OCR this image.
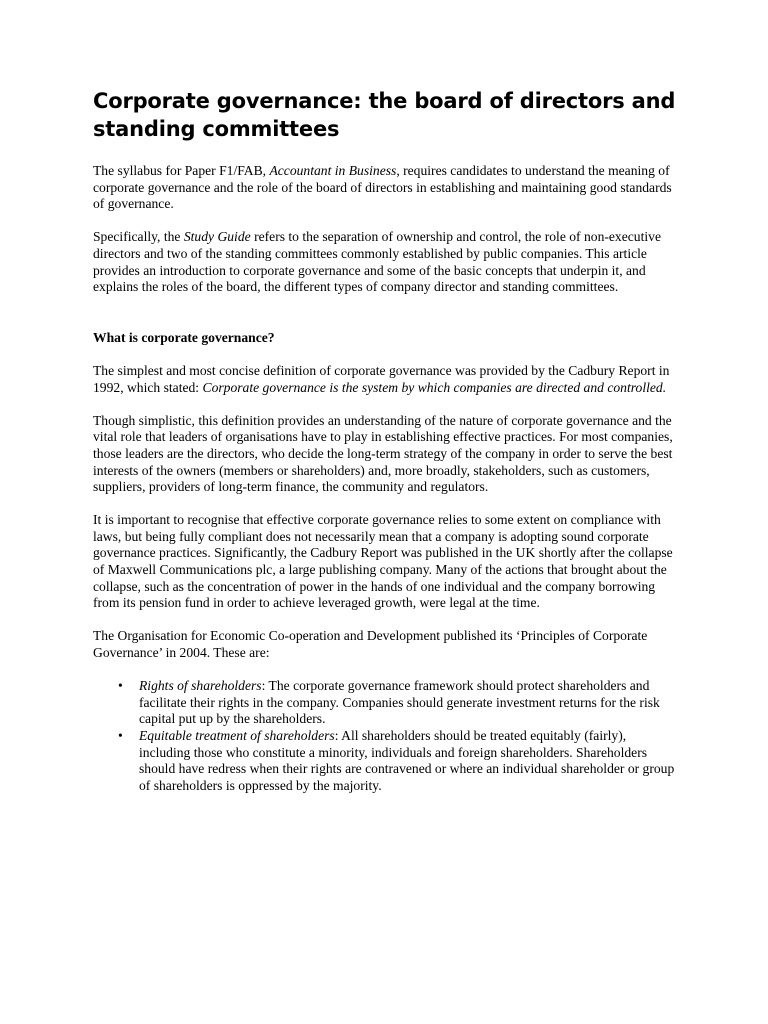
Corporate governance: the board of directors and standing committees

The syllabus for Paper F1/FAB, Accountant in Business, requires candidates to understand the meaning of corporate governance and the role of the board of directors in establishing and maintaining good standards of governance.

Specifically, the Study Guide refers to the separation of ownership and control, the role of non-executive directors and two of the standing committees commonly established by public companies. This article provides an introduction to corporate governance and some of the basic concepts that underpin it, and explains the roles of the board, the different types of company director and standing committees.

What is corporate governance?

The simplest and most concise definition of corporate governance was provided by the Cadbury Report in 1992, which stated: Corporate governance is the system by which companies are directed and controlled.

Though simplistic, this definition provides an understanding of the nature of corporate governance and the vital role that leaders of organisations have to play in establishing effective practices. For most companies, those leaders are the directors, who decide the long-term strategy of the company in order to serve the best interests of the owners (members or shareholders) and, more broadly, stakeholders, such as customers, suppliers, providers of long-term finance, the community and regulators.

It is important to recognise that effective corporate governance relies to some extent on compliance with laws, but being fully compliant does not necessarily mean that a company is adopting sound corporate governance practices. Significantly, the Cadbury Report was published in the UK shortly after the collapse of Maxwell Communications plc, a large publishing company. Many of the actions that brought about the collapse, such as the concentration of power in the hands of one individual and the company borrowing from its pension fund in order to achieve leveraged growth, were legal at the time.

The Organisation for Economic Co-operation and Development published its ‘Principles of Corporate Governance’ in 2004. These are:

• Rights of shareholders: The corporate governance framework should protect shareholders and facilitate their rights in the company. Companies should generate investment returns for the risk capital put up by the shareholders.
• Equitable treatment of shareholders: All shareholders should be treated equitably (fairly), including those who constitute a minority, individuals and foreign shareholders. Shareholders should have redress when their rights are contravened or where an individual shareholder or group of shareholders is oppressed by the majority.
